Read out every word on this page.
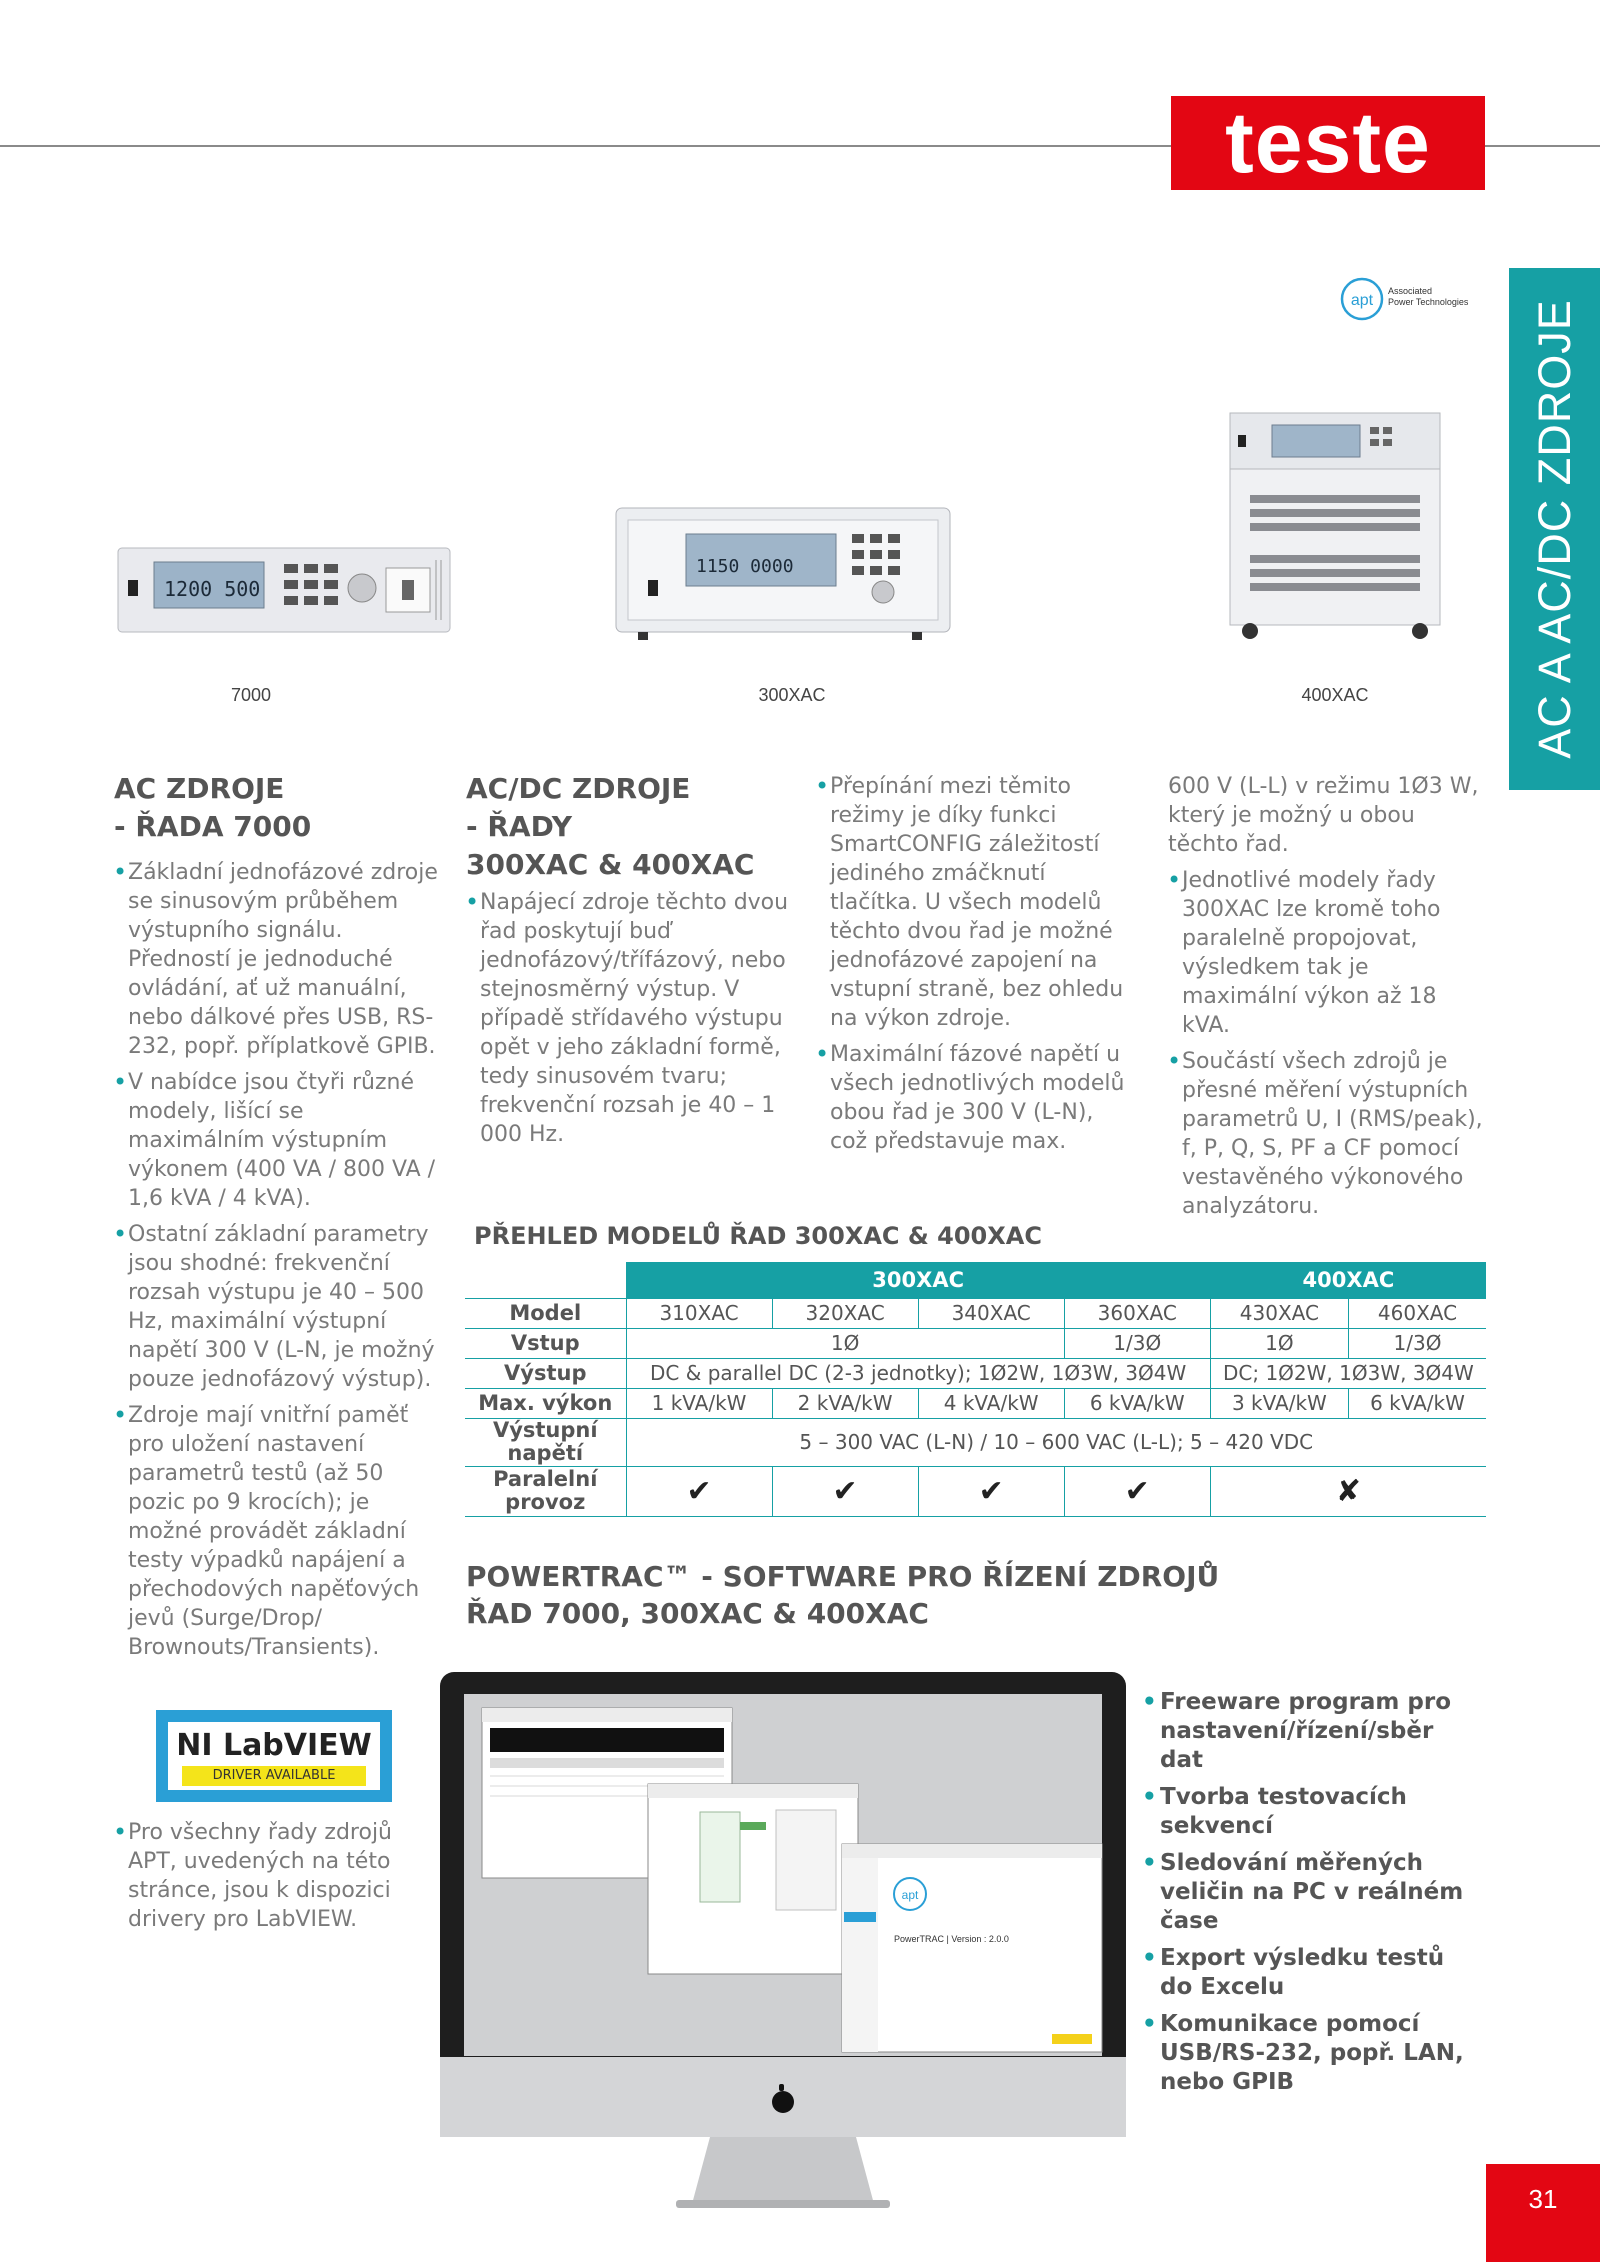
teste
AC A AC/DC ZDROJE
apt
Associated
Power Technologies
1200 500
7000
1150 0000
300XAC	400XAC
AC ZDROJE
- ŘADA 7000
• Základní jednofázové zdroje se sinusovým průběhem výstupního signálu. Předností je jednoduché ovládání, ať už manuální, nebo dálkové přes USB, RS-232, popř. příplatkově GPIB.
• V nabídce jsou čtyři různé modely, lišící se maximálním výstupním výkonem (400 VA / 800 VA / 1,6 kVA / 4 kVA).
• Ostatní základní parametry jsou shodné: frekvenční rozsah výstupu je 40 – 500 Hz, maximální výstupní napětí 300 V (L-N, je možný pouze jednofázový výstup).
• Zdroje mají vnitřní paměť pro uložení nastavení parametrů testů (až 50 pozic po 9 krocích); je možné provádět základní testy výpadků napájení a přechodových napěťových jevů (Surge/Drop/ Brownouts/Transients).
NI LabVIEW
DRIVER AVAILABLE
• Pro všechny řady zdrojů APT, uvedených na této stránce, jsou k dispozici drivery pro LabVIEW.
AC/DC ZDROJE
- ŘADY
300XAC & 400XAC
• Napájecí zdroje těchto dvou řad poskytují buď jednofázový/třífázový, nebo stejnosměrný výstup. V případě střídavého výstupu opět v jeho základní formě, tedy sinusovém tvaru; frekvenční rozsah je 40 – 1 000 Hz.
• Přepínání mezi těmito režimy je díky funkci SmartCONFIG záležitostí jediného zmáčknutí tlačítka. U všech modelů těchto dvou řad je možné jednofázové zapojení na vstupní straně, bez ohledu na výkon zdroje.
• Maximální fázové napětí u všech jednotlivých modelů obou řad je 300 V (L-N), což představuje max.

600 V (L-L) v režimu 1Ø3 W, který je možný u obou těchto řad.

• Jednotlivé modely řady 300XAC lze kromě toho paralelně propojovat, výsledkem tak je maximální výkon až 18 kVA.
• Součástí všech zdrojů je přesné měření výstupních parametrů U, I (RMS/peak), f, P, Q, S, PF a CF pomocí vestavěného výkonového analyzátoru.
PŘEHLED MODELŮ ŘAD 300XAC & 400XAC
	300XAC				400XAC	
Model	310XAC	320XAC	340XAC	360XAC	430XAC	460XAC
Vstup	1Ø			1/3Ø	1Ø	1/3Ø
Výstup	DC & parallel DC (2-3 jednotky); 1Ø2W, 1Ø3W, 3Ø4W				DC; 1Ø2W, 1Ø3W, 3Ø4W	
Max. výkon	1 kVA/kW	2 kVA/kW	4 kVA/kW	6 kVA/kW	3 kVA/kW	6 kVA/kW
Výstupní napětí	5 – 300 VAC (L-N) / 10 – 600 VAC (L-L); 5 – 420 VDC					
Paralelní provoz	✔	✔	✔	✔	✘	
POWERTRAC™ - SOFTWARE PRO ŘÍZENÍ ZDROJŮ
ŘAD 7000, 300XAC & 400XAC
apt
PowerTRAC | Version : 2.0.0
• Freeware program pro nastavení/řízení/sběr dat
• Tvorba testovacích sekvencí
• Sledování měřených veličin na PC v reálném čase
• Export výsledku testů do Excelu
• Komunikace pomocí USB/RS-232, popř. LAN, nebo GPIB
31
